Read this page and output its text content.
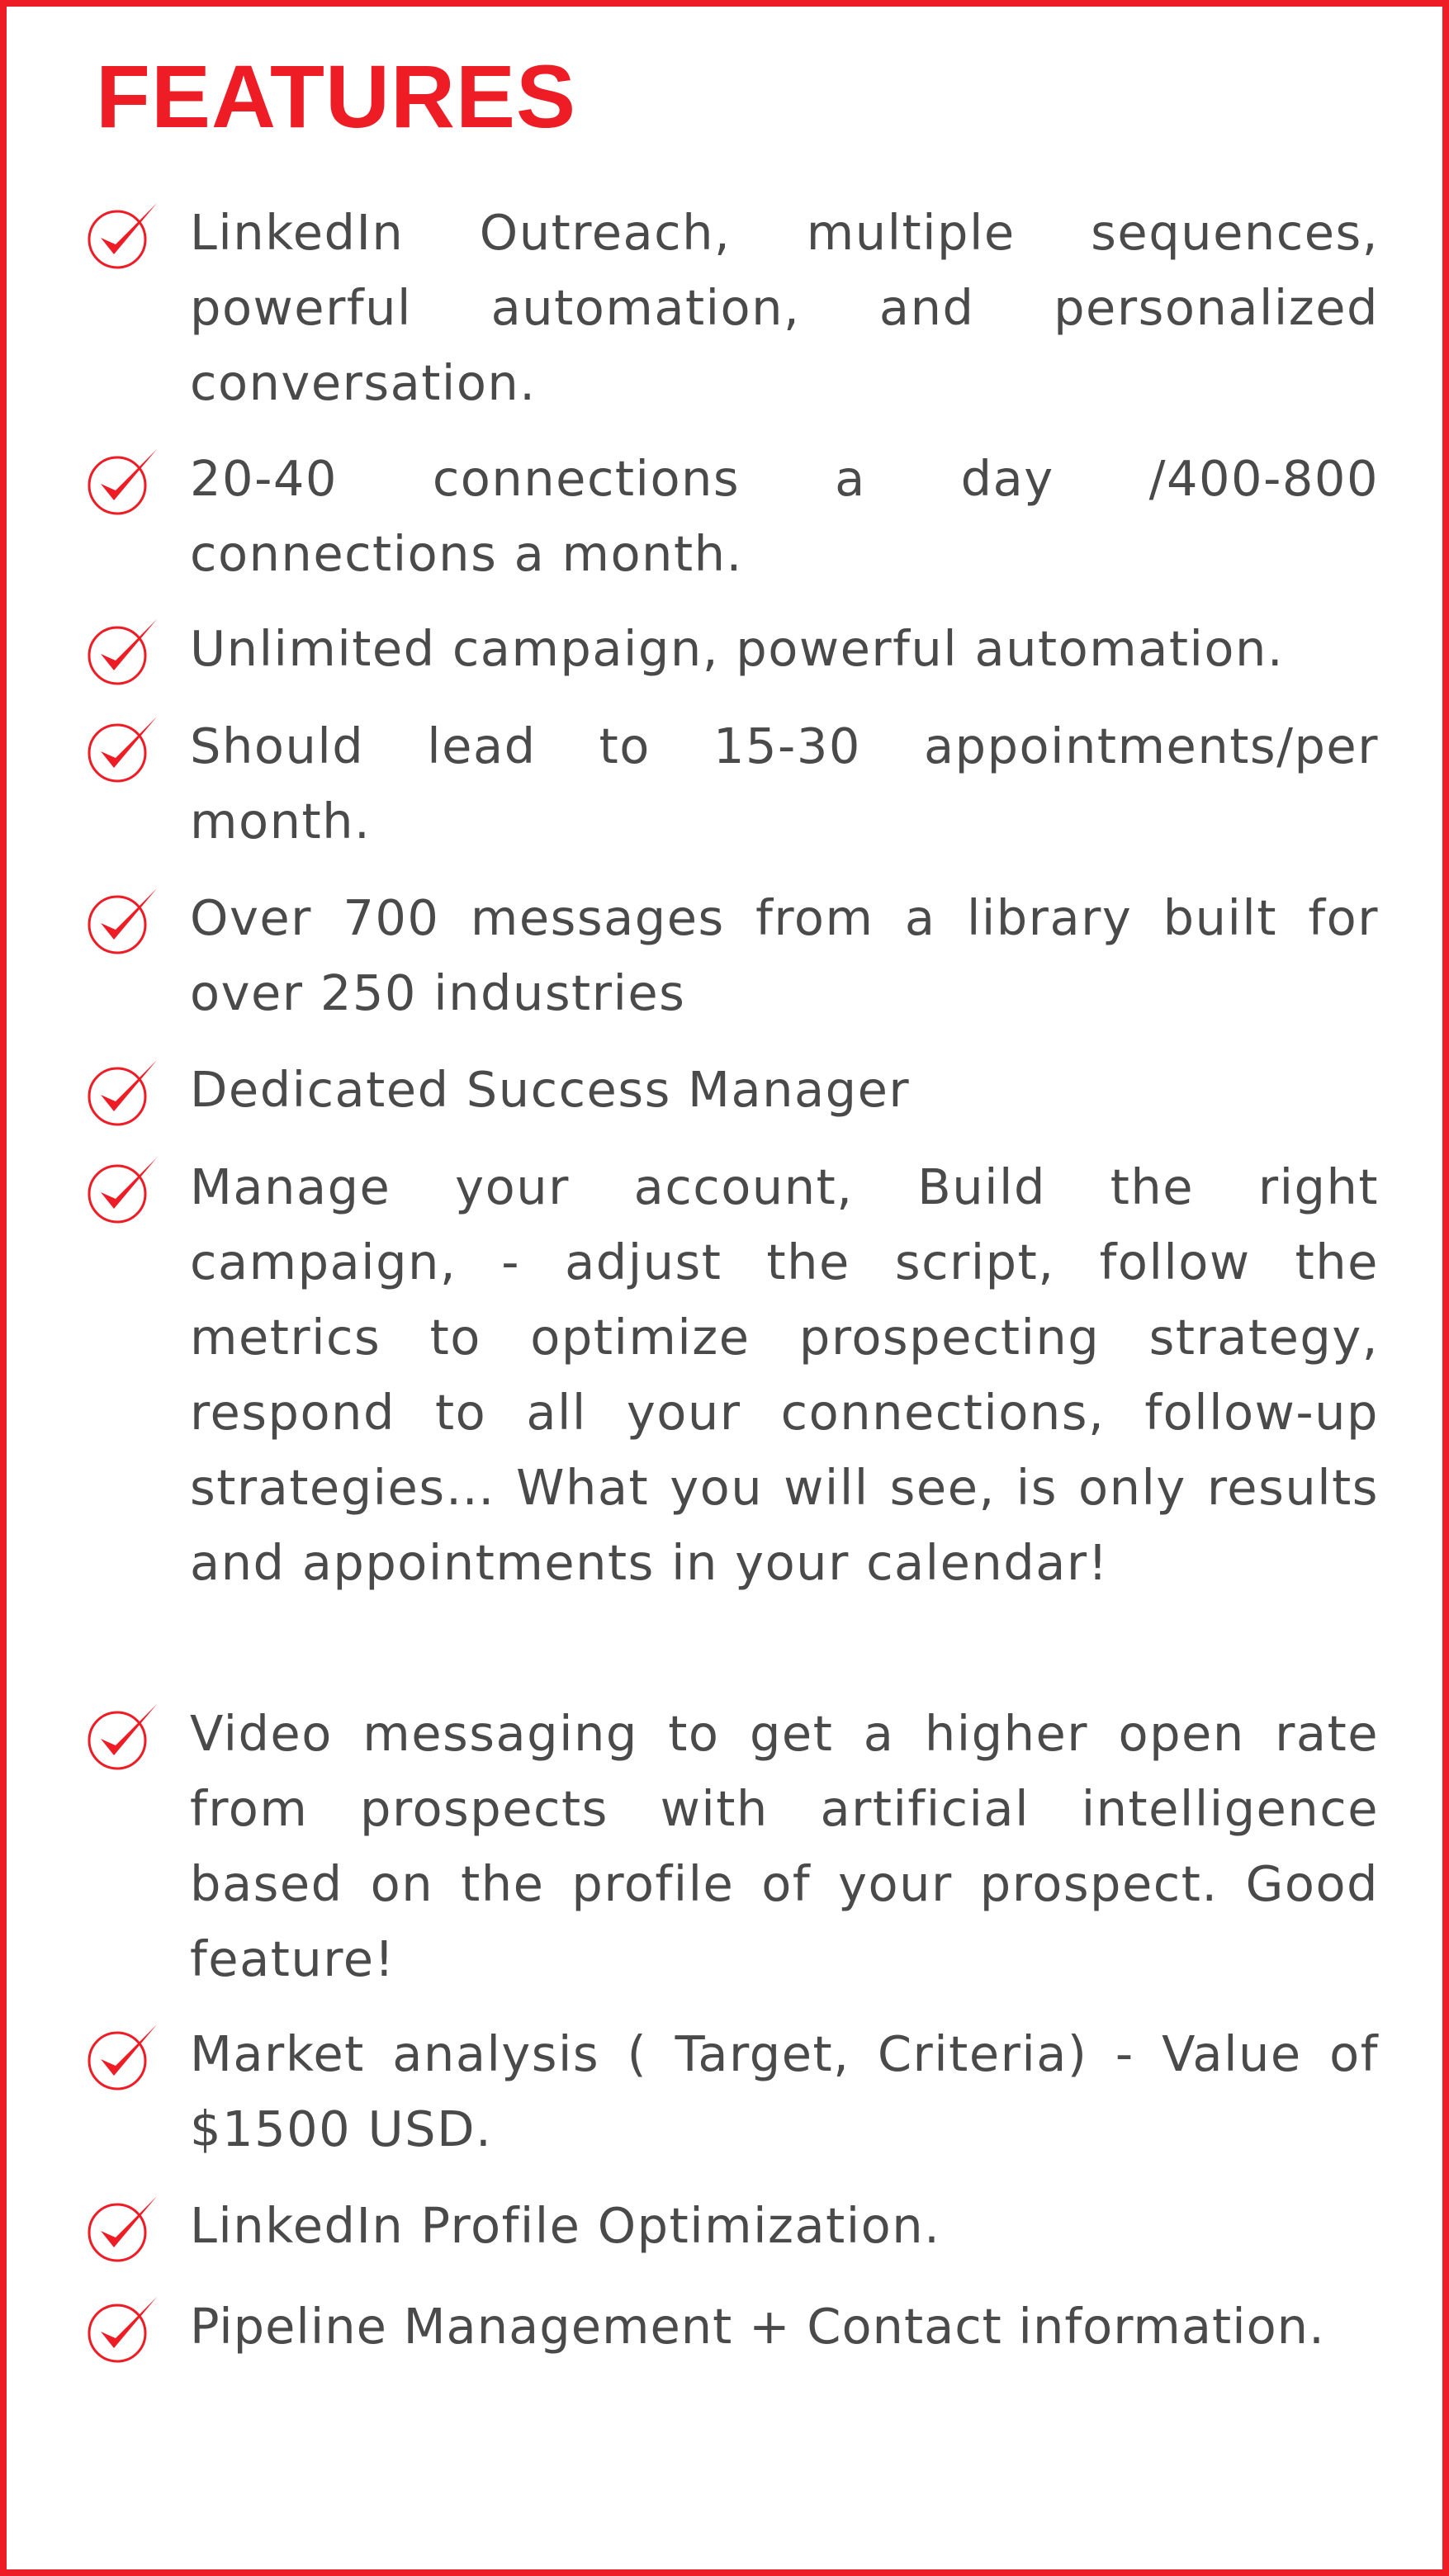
FEATURES
LinkedIn Outreach, multiple sequences, powerful automation, and personalized conversation.
20-40 connections a day /400-800 connections a month.
Unlimited campaign, powerful automation.
Should lead to 15-30 appointments/per month.
Over 700 messages from a library built for over 250 industries
Dedicated Success Manager
Manage your account, Build the right campaign, - adjust the script, follow the metrics to optimize prospecting strategy, respond to all your connections, follow-up strategies… What you will see, is only results and appointments in your calendar!
Video messaging to get a higher open rate from prospects with artificial intelligence based on the profile of your prospect. Good feature!
Market analysis ( Target, Criteria) - Value of $1500 USD.
LinkedIn Profile Optimization.
Pipeline Management + Contact information.
